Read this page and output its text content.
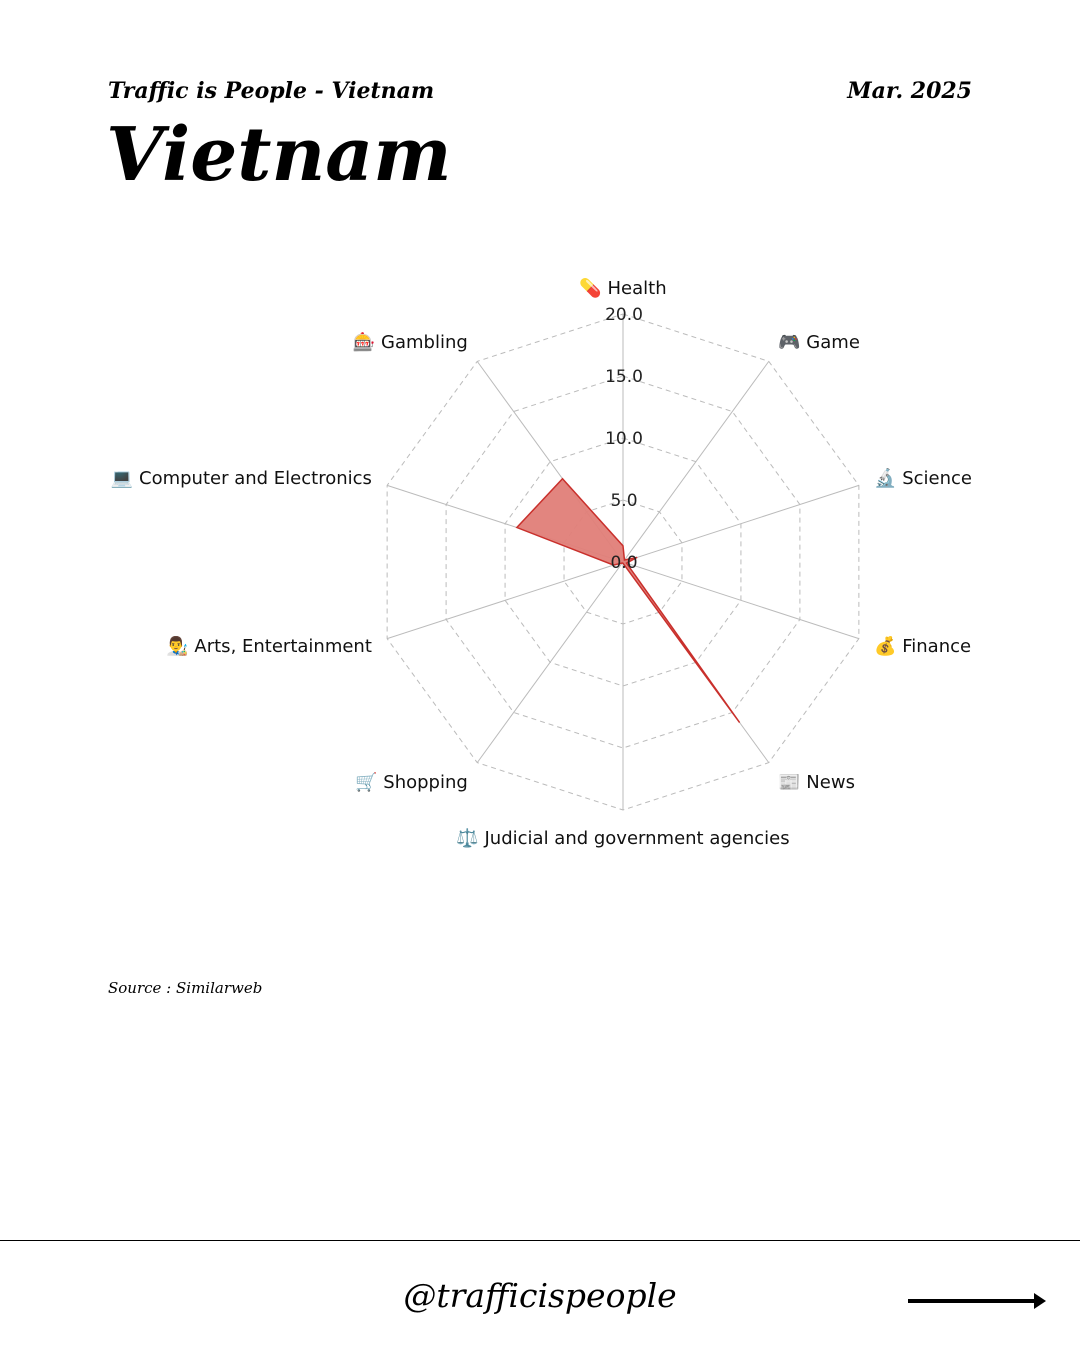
Traffic is People - Vietnam	Mar. 2025
Vietnam
0.0
5.0
10.0
15.0
20.0
💊 Health
🎮 Game
🔬 Science
💰 Finance
📰 News
⚖️ Judicial and government agencies
🛒 Shopping
👨‍🎨 Arts, Entertainment
💻 Computer and Electronics
🎰 Gambling
Source : Similarweb
@trafficispeople
